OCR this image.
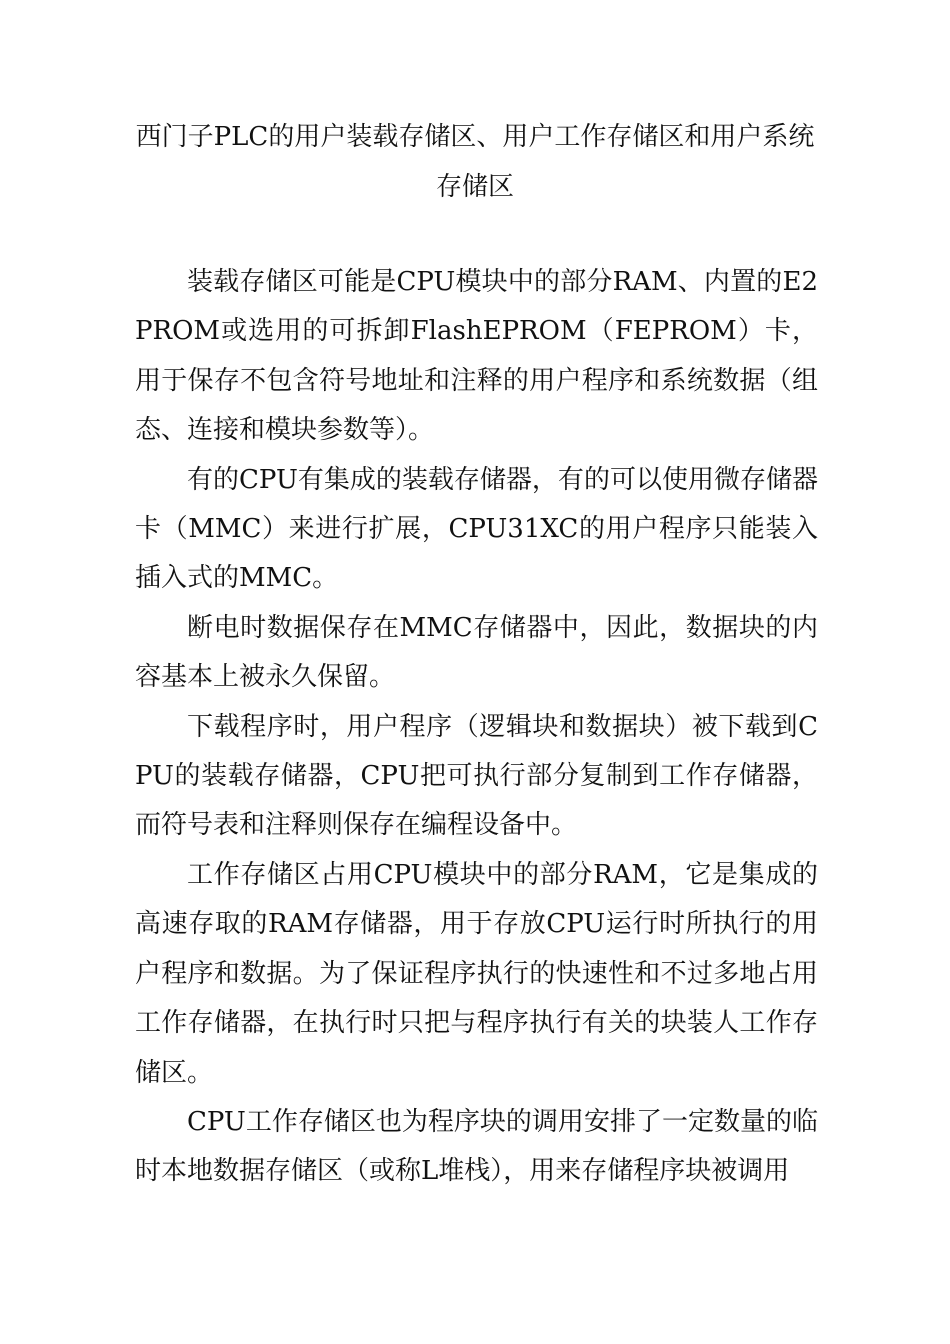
西门子PLC的用户装载存储区、用户工作存储区和用户系统存储区

装载存储区可能是CPU模块中的部分RAM、内置的E2PROM或选用的可拆卸FlashEPROM（FEPROM）卡，用于保存不包含符号地址和注释的用户程序和系统数据（组态、连接和模块参数等）。

有的CPU有集成的装载存储器，有的可以使用微存储器卡（MMC）来进行扩展，CPU31XC的用户程序只能装入插入式的MMC。

断电时数据保存在MMC存储器中，因此，数据块的内容基本上被永久保留。

下载程序时，用户程序（逻辑块和数据块）被下载到CPU的装载存储器，CPU把可执行部分复制到工作存储器，而符号表和注释则保存在编程设备中。

工作存储区占用CPU模块中的部分RAM，它是集成的高速存取的RAM存储器，用于存放CPU运行时所执行的用户程序和数据。为了保证程序执行的快速性和不过多地占用工作存储器，在执行时只把与程序执行有关的块装人工作存储区。

CPU工作存储区也为程序块的调用安排了一定数量的临时本地数据存储区（或称L堆栈），用来存储程序块被调用
